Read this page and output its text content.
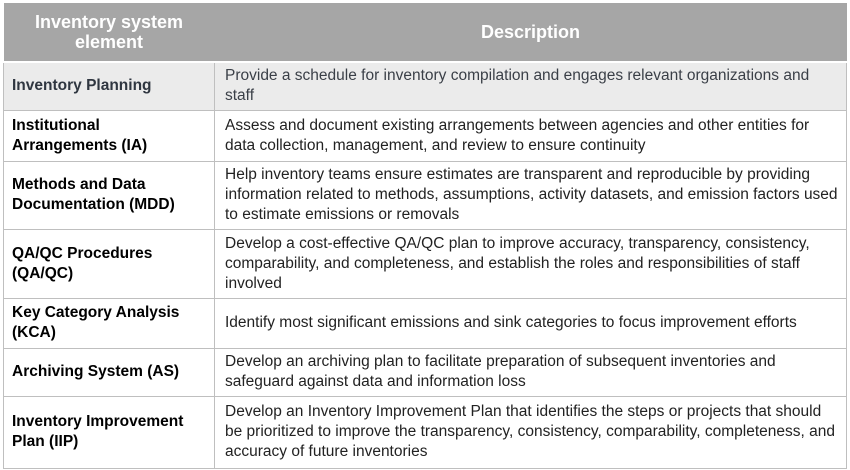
Inventory system element	Description
Inventory Planning	Provide a schedule for inventory compilation and engages relevant organizations and staff
Institutional Arrangements (IA)	Assess and document existing arrangements between agencies and other entities for data collection, management, and review to ensure continuity
Methods and Data Documentation (MDD)	Help inventory teams ensure estimates are transparent and reproducible by providing information related to methods, assumptions, activity datasets, and emission factors used to estimate emissions or removals
QA/QC Procedures (QA/QC)	Develop a cost-effective QA/QC plan to improve accuracy, transparency, consistency, comparability, and completeness, and establish the roles and responsibilities of staff involved
Key Category Analysis (KCA)	Identify most significant emissions and sink categories to focus improvement efforts
Archiving System (AS)	Develop an archiving plan to facilitate preparation of subsequent inventories and safeguard against data and information loss
Inventory Improvement Plan (IIP)	Develop an Inventory Improvement Plan that identifies the steps or projects that should be prioritized to improve the transparency, consistency, comparability, completeness, and accuracy of future inventories
